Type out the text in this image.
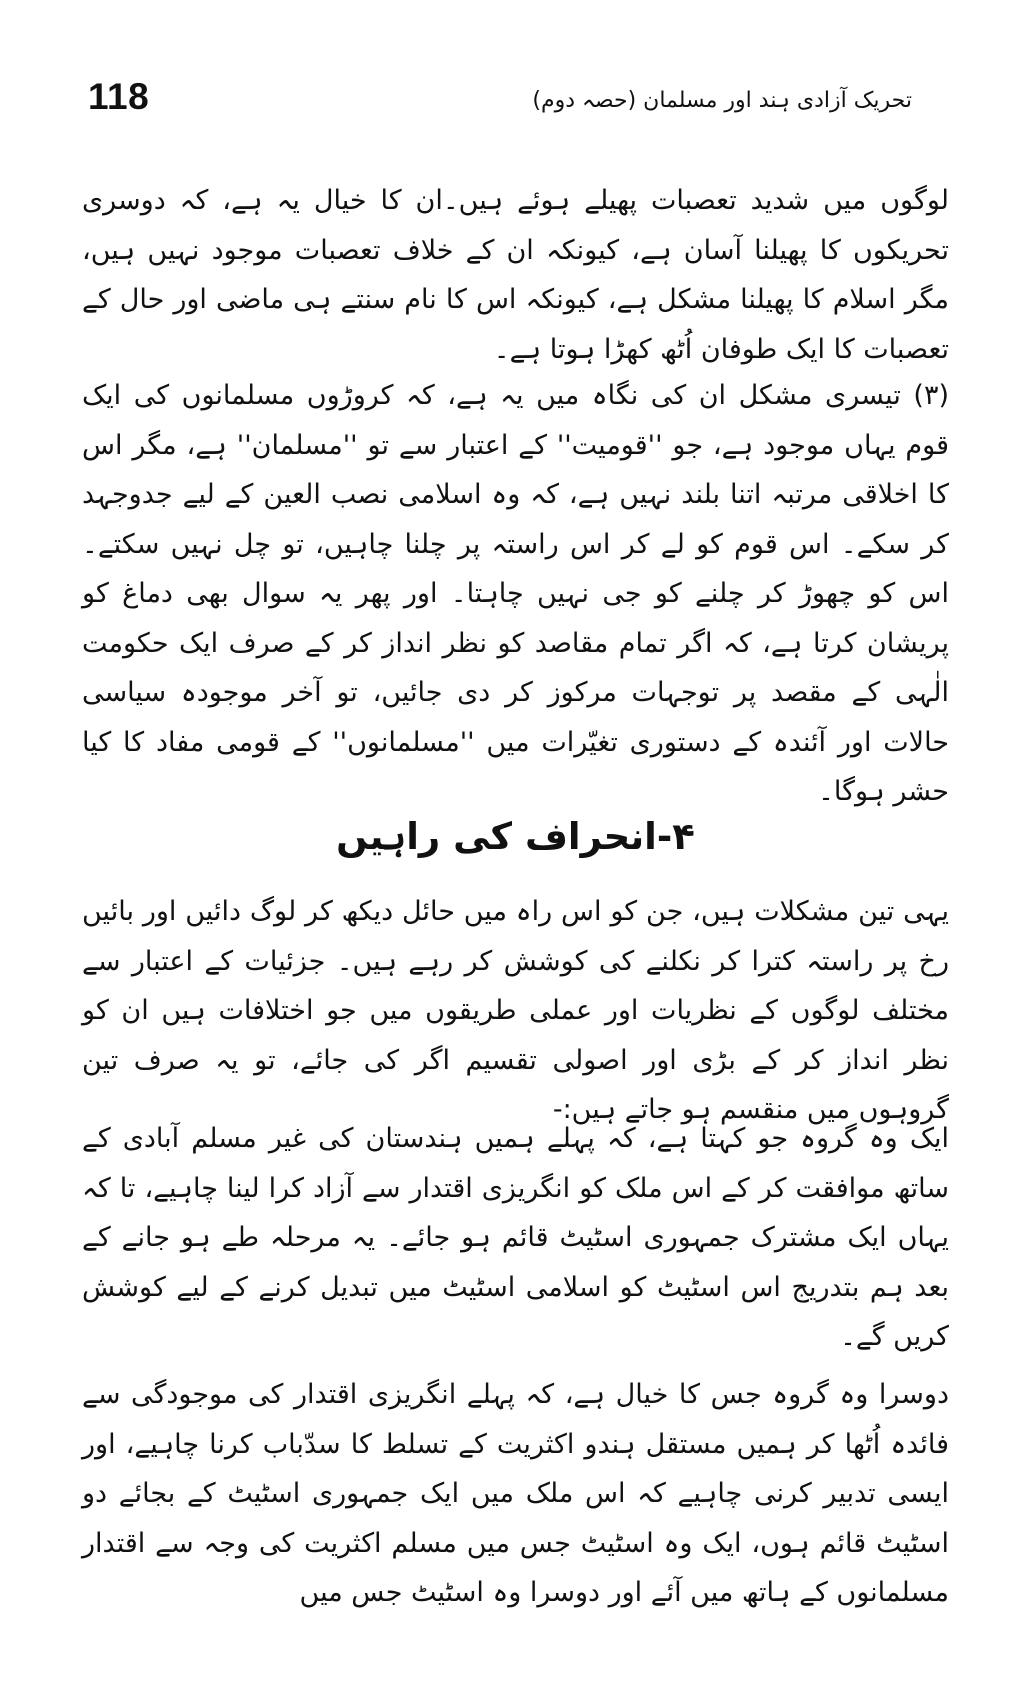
118	تحریک آزادی ہند اور مسلمان (حصہ دوم)

لوگوں میں شدید تعصبات پھیلے ہوئے ہیں۔ان کا خیال یہ ہے، کہ دوسری تحریکوں کا پھیلنا آسان ہے، کیونکہ ان کے خلاف تعصبات موجود نہیں ہیں، مگر اسلام کا پھیلنا مشکل ہے، کیونکہ اس کا نام سنتے ہی ماضی اور حال کے تعصبات کا ایک طوفان اُٹھ کھڑا ہوتا ہے۔

(۳) تیسری مشکل ان کی نگاہ میں یہ ہے، کہ کروڑوں مسلمانوں کی ایک قوم یہاں موجود ہے، جو ''قومیت'' کے اعتبار سے تو ''مسلمان'' ہے، مگر اس کا اخلاقی مرتبہ اتنا بلند نہیں ہے، کہ وہ اسلامی نصب العین کے لیے جدوجہد کر سکے۔ اس قوم کو لے کر اس راستہ پر چلنا چاہیں، تو چل نہیں سکتے۔ اس کو چھوڑ کر چلنے کو جی نہیں چاہتا۔ اور پھر یہ سوال بھی دماغ کو پریشان کرتا ہے، کہ اگر تمام مقاصد کو نظر انداز کر کے صرف ایک حکومت الٰہی کے مقصد پر توجہات مرکوز کر دی جائیں، تو آخر موجودہ سیاسی حالات اور آئندہ کے دستوری تغیّرات میں ''مسلمانوں'' کے قومی مفاد کا کیا حشر ہوگا۔

۴-انحراف کی راہیں

یہی تین مشکلات ہیں، جن کو اس راہ میں حائل دیکھ کر لوگ دائیں اور بائیں رخ پر راستہ کترا کر نکلنے کی کوشش کر رہے ہیں۔ جزئیات کے اعتبار سے مختلف لوگوں کے نظریات اور عملی طریقوں میں جو اختلافات ہیں ان کو نظر انداز کر کے بڑی اور اصولی تقسیم اگر کی جائے، تو یہ صرف تین گروہوں میں منقسم ہو جاتے ہیں:-

ایک وہ گروہ جو کہتا ہے، کہ پہلے ہمیں ہندستان کی غیر مسلم آبادی کے ساتھ موافقت کر کے اس ملک کو انگریزی اقتدار سے آزاد کرا لینا چاہیے، تا کہ یہاں ایک مشترک جمہوری اسٹیٹ قائم ہو جائے۔ یہ مرحلہ طے ہو جانے کے بعد ہم بتدریج اس اسٹیٹ کو اسلامی اسٹیٹ میں تبدیل کرنے کے لیے کوشش کریں گے۔

دوسرا وہ گروہ جس کا خیال ہے، کہ پہلے انگریزی اقتدار کی موجودگی سے فائدہ اُٹھا کر ہمیں مستقل ہندو اکثریت کے تسلط کا سدّباب کرنا چاہیے، اور ایسی تدبیر کرنی چاہیے کہ اس ملک میں ایک جمہوری اسٹیٹ کے بجائے دو اسٹیٹ قائم ہوں، ایک وہ اسٹیٹ جس میں مسلم اکثریت کی وجہ سے اقتدار مسلمانوں کے ہاتھ میں آئے اور دوسرا وہ اسٹیٹ جس میں
